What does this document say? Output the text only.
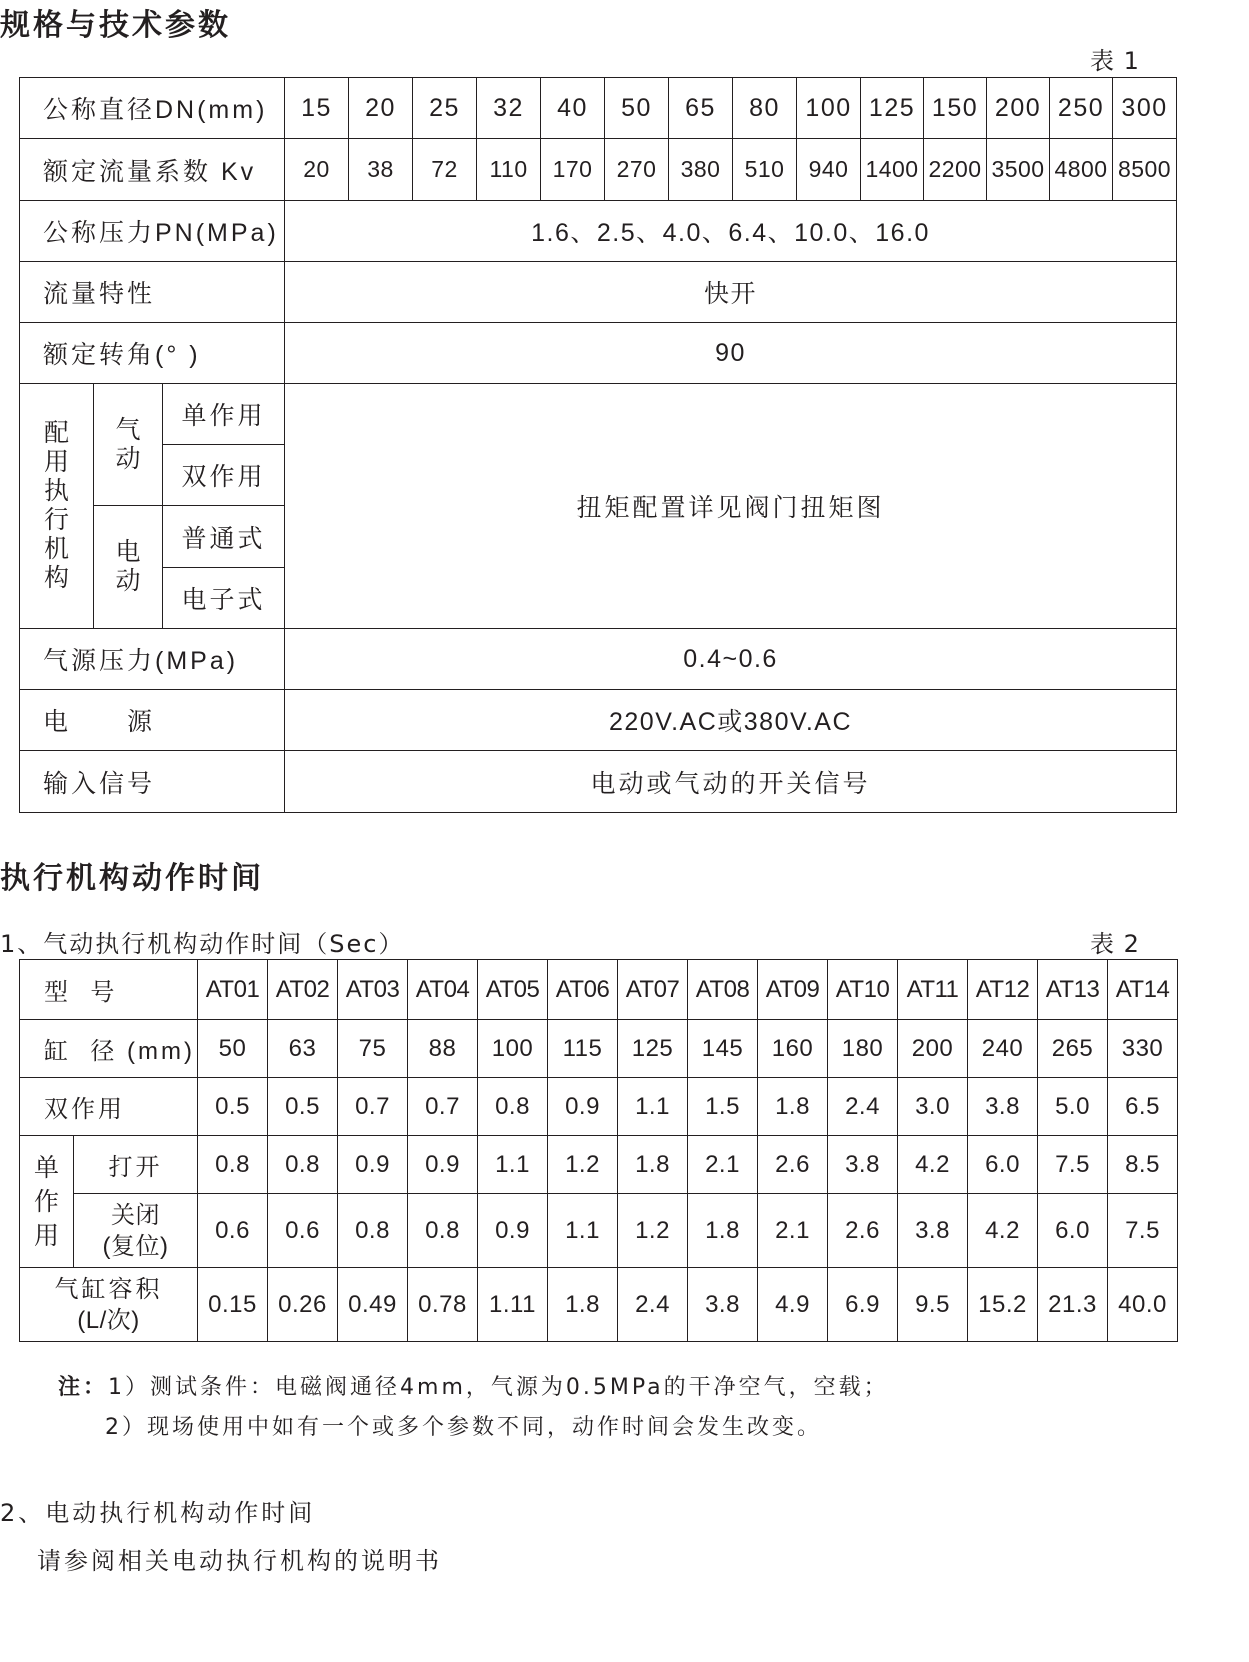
规格与技术参数
表 1
公称直径DN(mm)			15	20	25	32	40	50	65	80	100	125	150	200	250	300
额定流量系数 Kv			20	38	72	110	170	270	380	510	940	1400	2200	3500	4800	8500
公称压力PN(MPa)			1.6、2.5、4.0、6.4、10.0、16.0													
流量特性			快开													
额定转角(° )			90													

配用执行机构	气动	单作用	扭矩配置详见阀门扭矩图													
		双作用														

	电动	普通式														
		电子式														
气源压力(MPa)			0.4~0.6													
电　　源			220V.AC或380V.AC													
输入信号			电动或气动的开关信号													
执行机构动作时间
1、气动执行机构动作时间（Sec）	表 2
型  号		AT01	AT02	AT03	AT04	AT05	AT06	AT07	AT08	AT09	AT10	AT11	AT12	AT13	AT14
缸  径 (mm)		50	63	75	88	100	115	125	145	160	180	200	240	265	330
双作用		0.5	0.5	0.7	0.7	0.8	0.9	1.1	1.5	1.8	2.4	3.0	3.8	5.0	6.5

单作用	打开	0.8	0.8	0.9	0.9	1.1	1.2	1.8	2.1	2.6	3.8	4.2	6.0	7.5	8.5

	关闭
(复位)	0.6	0.6	0.8	0.8	0.9	1.1	1.2	1.8	2.1	2.6	3.8	4.2	6.0	7.5

气缸容积
(L/次)		0.15	0.26	0.49	0.78	1.11	1.8	2.4	3.8	4.9	6.9	9.5	15.2	21.3	40.0
注：1）测试条件：电磁阀通径4mm，气源为0.5MPa的干净空气，空载；
2）现场使用中如有一个或多个参数不同，动作时间会发生改变。
2、电动执行机构动作时间
请参阅相关电动执行机构的说明书
